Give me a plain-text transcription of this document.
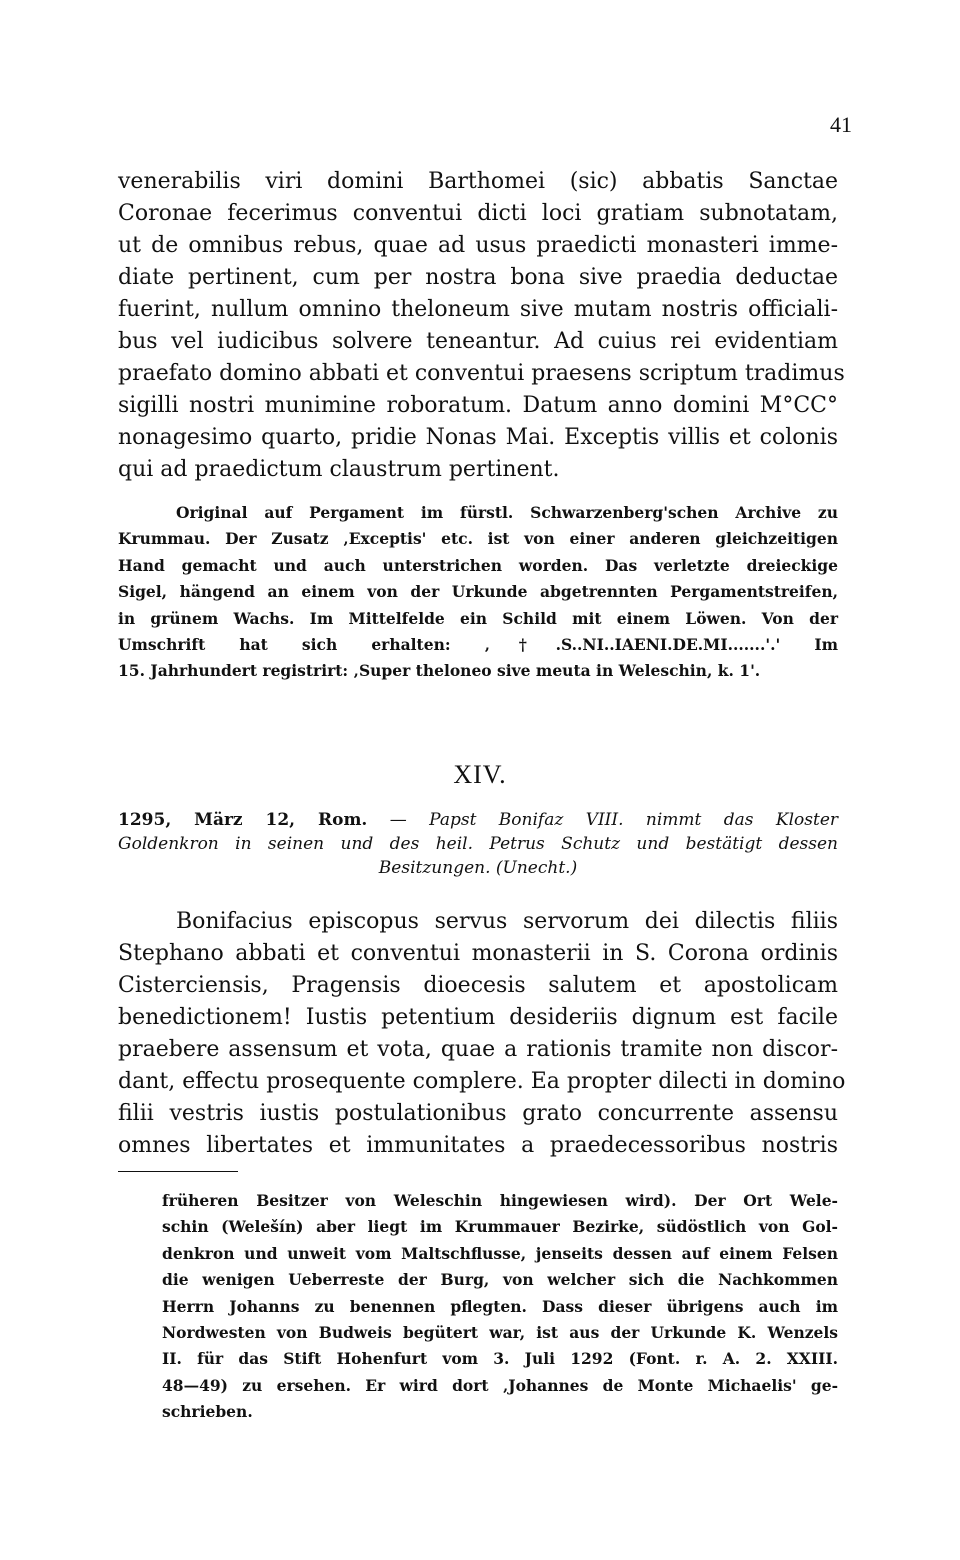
41
venerabilis viri domini Barthomei (sic) abbatis Sanctae
Coronae fecerimus conventui dicti loci gratiam subnotatam,
ut de omnibus rebus, quae ad usus praedicti monasteri imme-
diate pertinent, cum per nostra bona sive praedia deductae
fuerint, nullum omnino theloneum sive mutam nostris officiali-
bus vel iudicibus solvere teneantur. Ad cuius rei evidentiam
praefato domino abbati et conventui praesens scriptum tradimus
sigilli nostri munimine roboratum. Datum anno domini M°CC°
nonagesimo quarto, pridie Nonas Mai. Exceptis villis et colonis
qui ad praedictum claustrum pertinent.
Original auf Pergament im fürstl. Schwarzenberg'schen Archive zu
Krummau. Der Zusatz ‚Exceptis' etc. ist von einer anderen gleichzeitigen
Hand gemacht und auch unterstrichen worden. Das verletzte dreieckige
Sigel, hängend an einem von der Urkunde abgetrennten Pergamentstreifen,
in grünem Wachs. Im Mittelfelde ein Schild mit einem Löwen. Von der
Umschrift hat sich erhalten: ‚†.S..NI..IAENI.DE.MI.......'.' Im
15. Jahrhundert registrirt: ‚Super theloneo sive meuta in Weleschin, k. 1'.
XIV.
1295, März 12, Rom. — Papst Bonifaz VIII. nimmt das Kloster
Goldenkron in seinen und des heil. Petrus Schutz und bestätigt dessen
Besitzungen. (Unecht.)
Bonifacius episcopus servus servorum dei dilectis filiis
Stephano abbati et conventui monasterii in S. Corona ordinis
Cisterciensis, Pragensis dioecesis salutem et apostolicam
benedictionem! Iustis petentium desideriis dignum est facile
praebere assensum et vota, quae a rationis tramite non discor-
dant, effectu prosequente complere. Ea propter dilecti in domino
filii vestris iustis postulationibus grato concurrente assensu
omnes libertates et immunitates a praedecessoribus nostris
früheren Besitzer von Weleschin hingewiesen wird). Der Ort Wele-
schin (Welešín) aber liegt im Krummauer Bezirke, südöstlich von Gol-
denkron und unweit vom Maltschflusse, jenseits dessen auf einem Felsen
die wenigen Ueberreste der Burg, von welcher sich die Nachkommen
Herrn Johanns zu benennen pflegten. Dass dieser übrigens auch im
Nordwesten von Budweis begütert war, ist aus der Urkunde K. Wenzels
II. für das Stift Hohenfurt vom 3. Juli 1292 (Font. r. A. 2. XXIII.
48—49) zu ersehen. Er wird dort ‚Johannes de Monte Michaelis' ge-
schrieben.
